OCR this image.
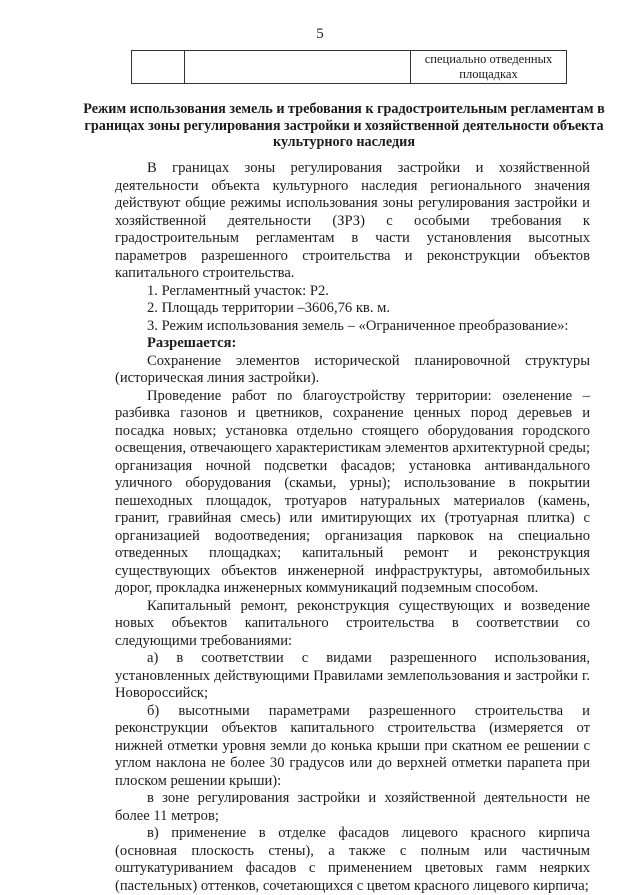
5
		специально отведенных площадках
Режим использования земель и требования к градостроительным регламентам в границах зоны регулирования застройки и хозяйственной деятельности объекта культурного наследия

В границах зоны регулирования застройки и хозяйственной деятельности объекта культурного наследия регионального значения действуют общие режимы использования зоны регулирования застройки и хозяйственной деятельности (ЗРЗ) с особыми требования к градостроительным регламентам в части установления высотных параметров разрешенного строительства и реконструкции объектов капитального строительства.

1. Регламентный участок: Р2.

2. Площадь территории –3606,76 кв. м.

3. Режим использования земель – «Ограниченное преобразование»:

Разрешается:

Сохранение элементов исторической планировочной структуры (историческая линия застройки).

Проведение работ по благоустройству территории: озеленение – разбивка газонов и цветников, сохранение ценных пород деревьев и посадка новых; установка отдельно стоящего оборудования городского освещения, отвечающего характеристикам элементов архитектурной среды; организация ночной подсветки фасадов; установка антивандального уличного оборудования (скамьи, урны); использование в покрытии пешеходных площадок, тротуаров натуральных материалов (камень, гранит, гравийная смесь) или имитирующих их (тротуарная плитка) с организацией водоотведения; организация парковок на специально отведенных площадках; капитальный ремонт и реконструкция существующих объектов инженерной инфраструктуры, автомобильных дорог, прокладка инженерных коммуникаций подземным способом.

Капитальный ремонт, реконструкция существующих и возведение новых объектов капитального строительства в соответствии со следующими требованиями:

а) в соответствии с видами разрешенного использования, установленных действующими Правилами землепользования и застройки г. Новороссийск;

б) высотными параметрами разрешенного строительства и реконструкции объектов капитального строительства (измеряется от нижней отметки уровня земли до конька крыши при скатном ее решении с углом наклона не более 30 градусов или до верхней отметки парапета при плоском решении крыши):

в зоне регулирования застройки и хозяйственной деятельности не более 11 метров;

в) применение в отделке фасадов лицевого красного кирпича (основная плоскость стены), а также с полным или частичным оштукатуриванием фасадов с применением цветовых гамм неярких (пастельных) оттенков, сочетающихся с цветом красного лицевого кирпича;
